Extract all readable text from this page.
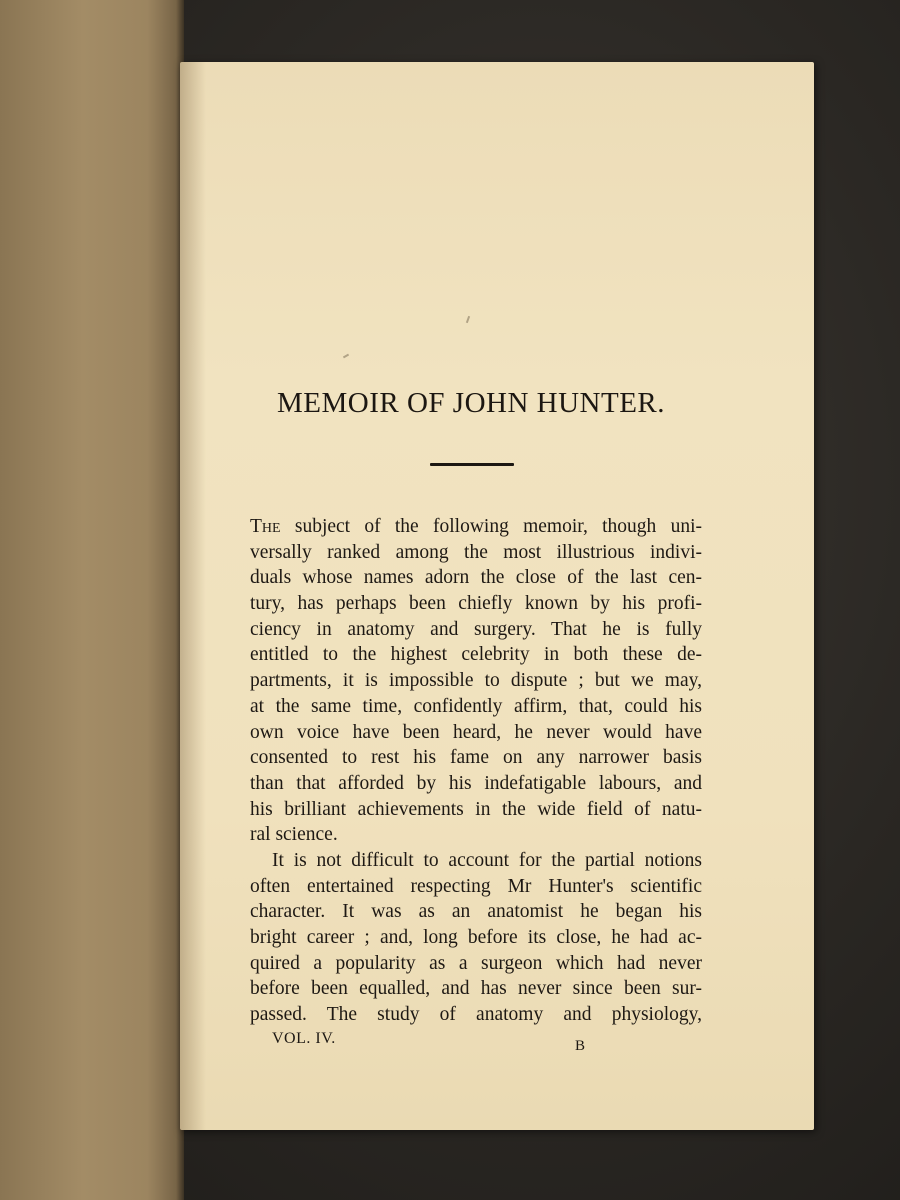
MEMOIR OF JOHN HUNTER.
The subject of the following memoir, though uni-
versally ranked among the most illustrious indivi-
duals whose names adorn the close of the last cen-
tury, has perhaps been chiefly known by his profi-
ciency in anatomy and surgery. That he is fully
entitled to the highest celebrity in both these de-
partments, it is impossible to dispute ; but we may,
at the same time, confidently affirm, that, could his
own voice have been heard, he never would have
consented to rest his fame on any narrower basis
than that afforded by his indefatigable labours, and
his brilliant achievements in the wide field of natu-
ral science.
It is not difficult to account for the partial notions
often entertained respecting Mr Hunter's scientific
character. It was as an anatomist he began his
bright career ; and, long before its close, he had ac-
quired a popularity as a surgeon which had never
before been equalled, and has never since been sur-
passed. The study of anatomy and physiology,
VOL. IV.	B
